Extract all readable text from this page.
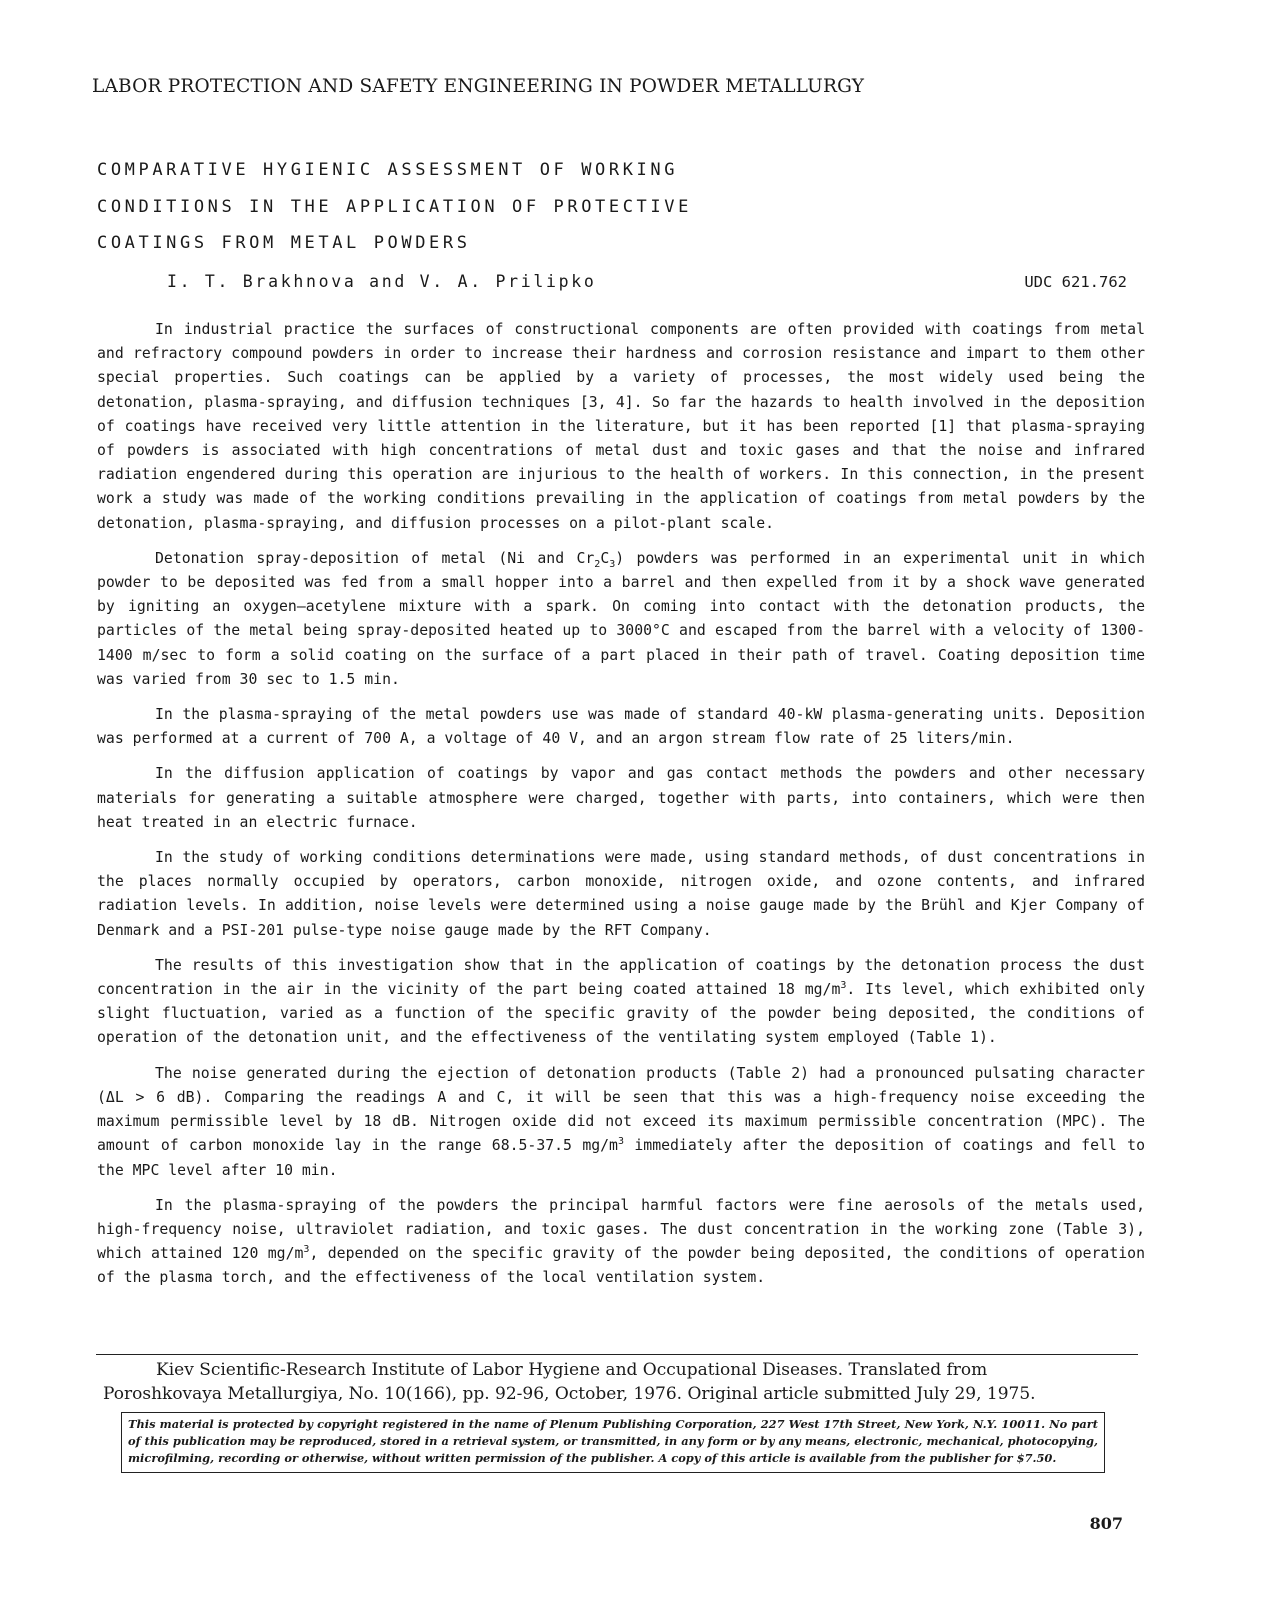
LABOR PROTECTION AND SAFETY ENGINEERING IN POWDER METALLURGY
COMPARATIVE HYGIENIC ASSESSMENT OF WORKING
CONDITIONS IN THE APPLICATION OF PROTECTIVE
COATINGS FROM METAL POWDERS
I. T. Brakhnova and V. A. Prilipko	UDC 621.762

In industrial practice the surfaces of constructional components are often provided with coatings from metal and refractory compound powders in order to increase their hardness and corrosion resistance and impart to them other special properties. Such coatings can be applied by a variety of processes, the most widely used being the detonation, plasma-spraying, and diffusion techniques [3, 4]. So far the hazards to health involved in the deposition of coatings have received very little attention in the literature, but it has been reported [1] that plasma-spraying of powders is associated with high concentrations of metal dust and toxic gases and that the noise and infrared radiation engendered during this operation are injurious to the health of workers. In this connection, in the present work a study was made of the working conditions prevailing in the application of coatings from metal powders by the detonation, plasma-spraying, and diffusion processes on a pilot-plant scale.

Detonation spray-deposition of metal (Ni and $Cr_2C_3$) powders was performed in an experimental unit in which powder to be deposited was fed from a small hopper into a barrel and then expelled from it by a shock wave generated by igniting an oxygen–acetylene mixture with a spark. On coming into contact with the detonation products, the particles of the metal being spray-deposited heated up to 3000°C and escaped from the barrel with a velocity of 1300-1400 m/sec to form a solid coating on the surface of a part placed in their path of travel. Coating deposition time was varied from 30 sec to 1.5 min.

In the plasma-spraying of the metal powders use was made of standard 40-kW plasma-generating units. Deposition was performed at a current of 700 A, a voltage of 40 V, and an argon stream flow rate of 25 liters/min.

In the diffusion application of coatings by vapor and gas contact methods the powders and other necessary materials for generating a suitable atmosphere were charged, together with parts, into containers, which were then heat treated in an electric furnace.

In the study of working conditions determinations were made, using standard methods, of dust concentrations in the places normally occupied by operators, carbon monoxide, nitrogen oxide, and ozone contents, and infrared radiation levels. In addition, noise levels were determined using a noise gauge made by the Brühl and Kjer Company of Denmark and a PSI-201 pulse-type noise gauge made by the RFT Company.

The results of this investigation show that in the application of coatings by the detonation process the dust concentration in the air in the vicinity of the part being coated attained 18 $mg/m^3$. Its level, which exhibited only slight fluctuation, varied as a function of the specific gravity of the powder being deposited, the conditions of operation of the detonation unit, and the effectiveness of the ventilating system employed (Table 1).

The noise generated during the ejection of detonation products (Table 2) had a pronounced pulsating character (ΔL > 6 dB). Comparing the readings A and C, it will be seen that this was a high-frequency noise exceeding the maximum permissible level by 18 dB. Nitrogen oxide did not exceed its maximum permissible concentration (MPC). The amount of carbon monoxide lay in the range 68.5-37.5 $mg/m^3$ immediately after the deposition of coatings and fell to the MPC level after 10 min.

In the plasma-spraying of the powders the principal harmful factors were fine aerosols of the metals used, high-frequency noise, ultraviolet radiation, and toxic gases. The dust concentration in the working zone (Table 3), which attained 120 $mg/m^3$, depended on the specific gravity of the powder being deposited, the conditions of operation of the plasma torch, and the effectiveness of the local ventilation system.

Kiev Scientific-Research Institute of Labor Hygiene and Occupational Diseases. Translated from
Poroshkovaya Metallurgiya, No. 10(166), pp. 92-96, October, 1976. Original article submitted July 29, 1975.

This material is protected by copyright registered in the name of Plenum Publishing Corporation, 227 West 17th Street, New York, N.Y. 10011. No part of this publication may be reproduced, stored in a retrieval system, or transmitted, in any form or by any means, electronic, mechanical, photocopying, microfilming, recording or otherwise, without written permission of the publisher. A copy of this article is available from the publisher for $7.50.

807
